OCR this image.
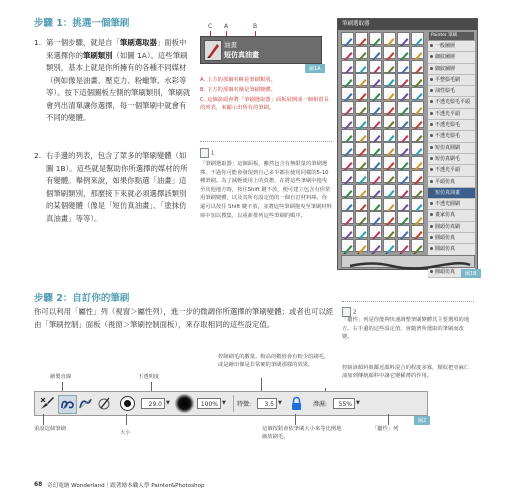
步驟 1：挑選一個筆刷
1. 第一個步驟，就是自「筆刷選取器」面板中來選擇你的筆刷類別（如圖 1A）。這些筆刷類別，基本上就是你所擁有的各種不同媒材（例如像是油畫、壓克力、粉蠟筆、水彩等等）。按下這個圖板左側的筆刷類別，筆刷就會列出清單讓你選擇，每一個筆刷中就會有不同的變體。
2. 右手邊的列表，包含了眾多的筆刷變體（如圖 1B）。這些就是幫助你所選擇的媒材的所有變體。舉例來說，如果你點選「油畫」這個筆刷類別，那麼接下來就必須選擇該類別的某個變體（像是「短仿真油畫」、「塗抹仿真油畫」等等）。
C A	B
油畫
短仿真油畫
圖1A
A. 上方的那個名稱是筆刷類別。
B. 下方的那個名稱是筆刷變體。
C. 這個箭頭會將「筆刷選取器」面板展開成一個相當長的列表，來顯示出所有的筆刷。
1
「筆刷選取器」這個面板，雖然包含有無限量的筆刷選擇，不過你可能會發現到自己多半都在使用同樣的5-10種筆刷。為了減輕使用上的負擔，在將這些筆刷中拖曳至其他地方時，按住Shift 鍵不放，便可建立包含有你常用筆刷變體，以及其所有設定值的一個自訂材料庫。你還可以按住 Shift 鍵不放，並將這些筆刷拖曳至筆刷材料庫中加以搜集，以重新排列這些筆刷的順序。
筆刷選取器
Painter 筆刷
一般圖層
細紋圖層
細紋圖層
平整鬃毛刷
油性鬃毛
不透光鬃毛平頭
不透光平頭
不透光鬃毛
不透光鬃毛
短仿真圓刷
短仿真刷毛
不透光平頭
平頭仿真
短仿真油畫
不透光圓刷
畫家仿真
圓頭仿真刷
圓頭仿真
圓頭仿真
圓頭仿真	圖1B
步驟 2：自訂你的筆刷
你可以利用「屬性」列（視窗＞屬性列），進一步的微調你所選擇的筆刷變體；或者也可以經由「筆刷控制」面板（視窗＞筆刷控制面板），來存取相同的這些設定值。
2
「屬性」列是你能夠快速調整筆刷變體其主要選項的地方。右手邊的這些設定值，會隨著所選取的筆刷而改變。
繪製直線	不透明度
控制刷毛的數量。較高的數值會有較少的刷毛，或是繪出像是非常硬的筆刷那樣的效果。
控制該顏料與鄰近顏料混合的程度多寡，類似把亞麻仁油加到傳統顏料中讓它變稀薄的作用。
29.0 ▼	100% ▼ 特徵:	3.5 ▼	滲濕:	55% ▼
圖2
重設這個筆刷
大小
這個按鈕會依筆刷大小來等比例地縮放刷毛。
「屬性」列
68 奇幻電繪 Wonderland｜跟著繪本職人學 Painter&Photoshop
